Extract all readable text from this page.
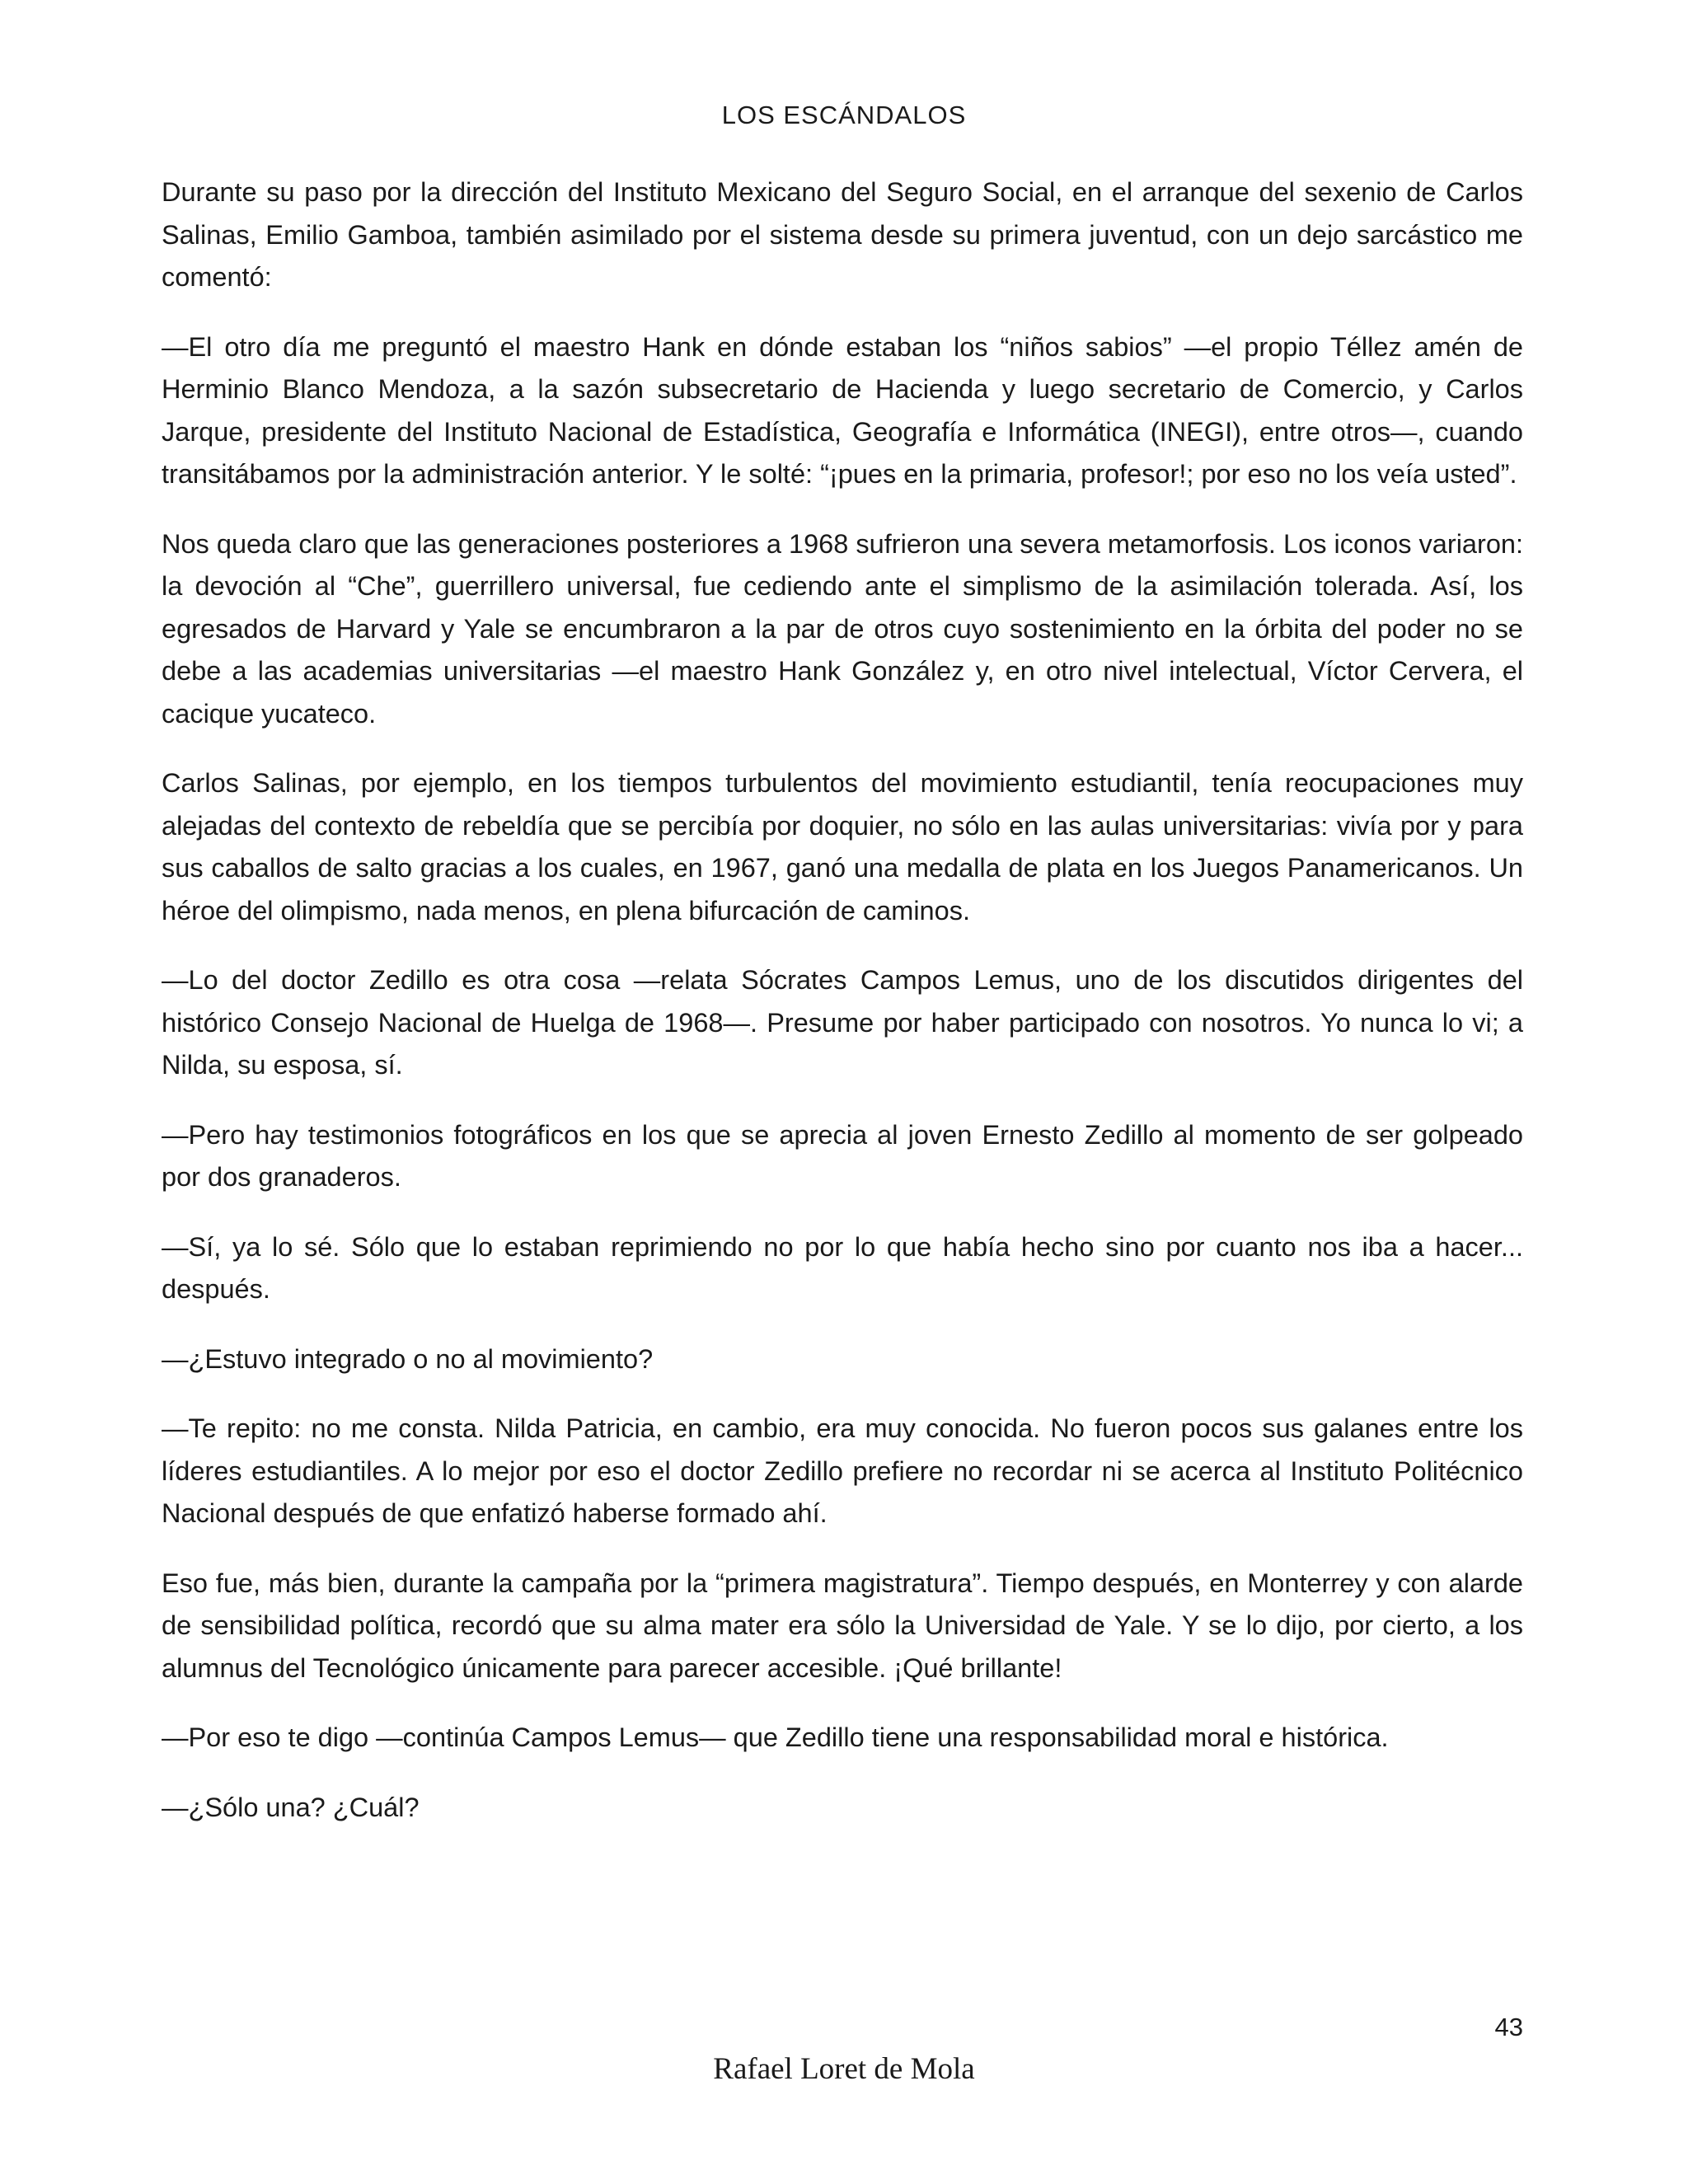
LOS ESCÁNDALOS

Durante su paso por la dirección del Instituto Mexicano del Seguro Social, en el arranque del sexenio de Carlos Salinas, Emilio Gamboa, también asimilado por el sistema desde su primera juventud, con un dejo sarcástico me comentó:

—El otro día me preguntó el maestro Hank en dónde estaban los “niños sabios” —el propio Téllez amén de Herminio Blanco Mendoza, a la sazón subsecretario de Hacienda y luego secretario de Comercio, y Carlos Jarque, presidente del Instituto Nacional de Estadística, Geografía e Informática (INEGI), entre otros—, cuando transitábamos por la administración anterior. Y le solté: “¡pues en la primaria, profesor!; por eso no los veía usted”.

Nos queda claro que las generaciones posteriores a 1968 sufrieron una severa metamorfosis. Los iconos variaron: la devoción al “Che”, guerrillero universal, fue cediendo ante el simplismo de la asimilación tolerada. Así, los egresados de Harvard y Yale se encumbraron a la par de otros cuyo sostenimiento en la órbita del poder no se debe a las academias universitarias —el maestro Hank González y, en otro nivel intelectual, Víctor Cervera, el cacique yucateco.

Carlos Salinas, por ejemplo, en los tiempos turbulentos del movimiento estudiantil, tenía reocupaciones muy alejadas del contexto de rebeldía que se percibía por doquier, no sólo en las aulas universitarias: vivía por y para sus caballos de salto gracias a los cuales, en 1967, ganó una medalla de plata en los Juegos Panamericanos. Un héroe del olimpismo, nada menos, en plena bifurcación de caminos.

—Lo del doctor Zedillo es otra cosa —relata Sócrates Campos Lemus, uno de los discutidos dirigentes del histórico Consejo Nacional de Huelga de 1968—. Presume por haber participado con nosotros. Yo nunca lo vi; a Nilda, su esposa, sí.

—Pero hay testimonios fotográficos en los que se aprecia al joven Ernesto Zedillo al momento de ser golpeado por dos granaderos.

—Sí, ya lo sé. Sólo que lo estaban reprimiendo no por lo que había hecho sino por cuanto nos iba a hacer... después.

—¿Estuvo integrado o no al movimiento?

—Te repito: no me consta. Nilda Patricia, en cambio, era muy conocida. No fueron pocos sus galanes entre los líderes estudiantiles. A lo mejor por eso el doctor Zedillo prefiere no recordar ni se acerca al Instituto Politécnico Nacional después de que enfatizó haberse formado ahí.

Eso fue, más bien, durante la campaña por la “primera magistratura”. Tiempo después, en Monterrey y con alarde de sensibilidad política, recordó que su alma mater era sólo la Universidad de Yale. Y se lo dijo, por cierto, a los alumnus del Tecnológico únicamente para parecer accesible. ¡Qué brillante!

—Por eso te digo —continúa Campos Lemus— que Zedillo tiene una responsabilidad moral e histórica.

—¿Sólo una? ¿Cuál?

43
Rafael Loret de Mola
